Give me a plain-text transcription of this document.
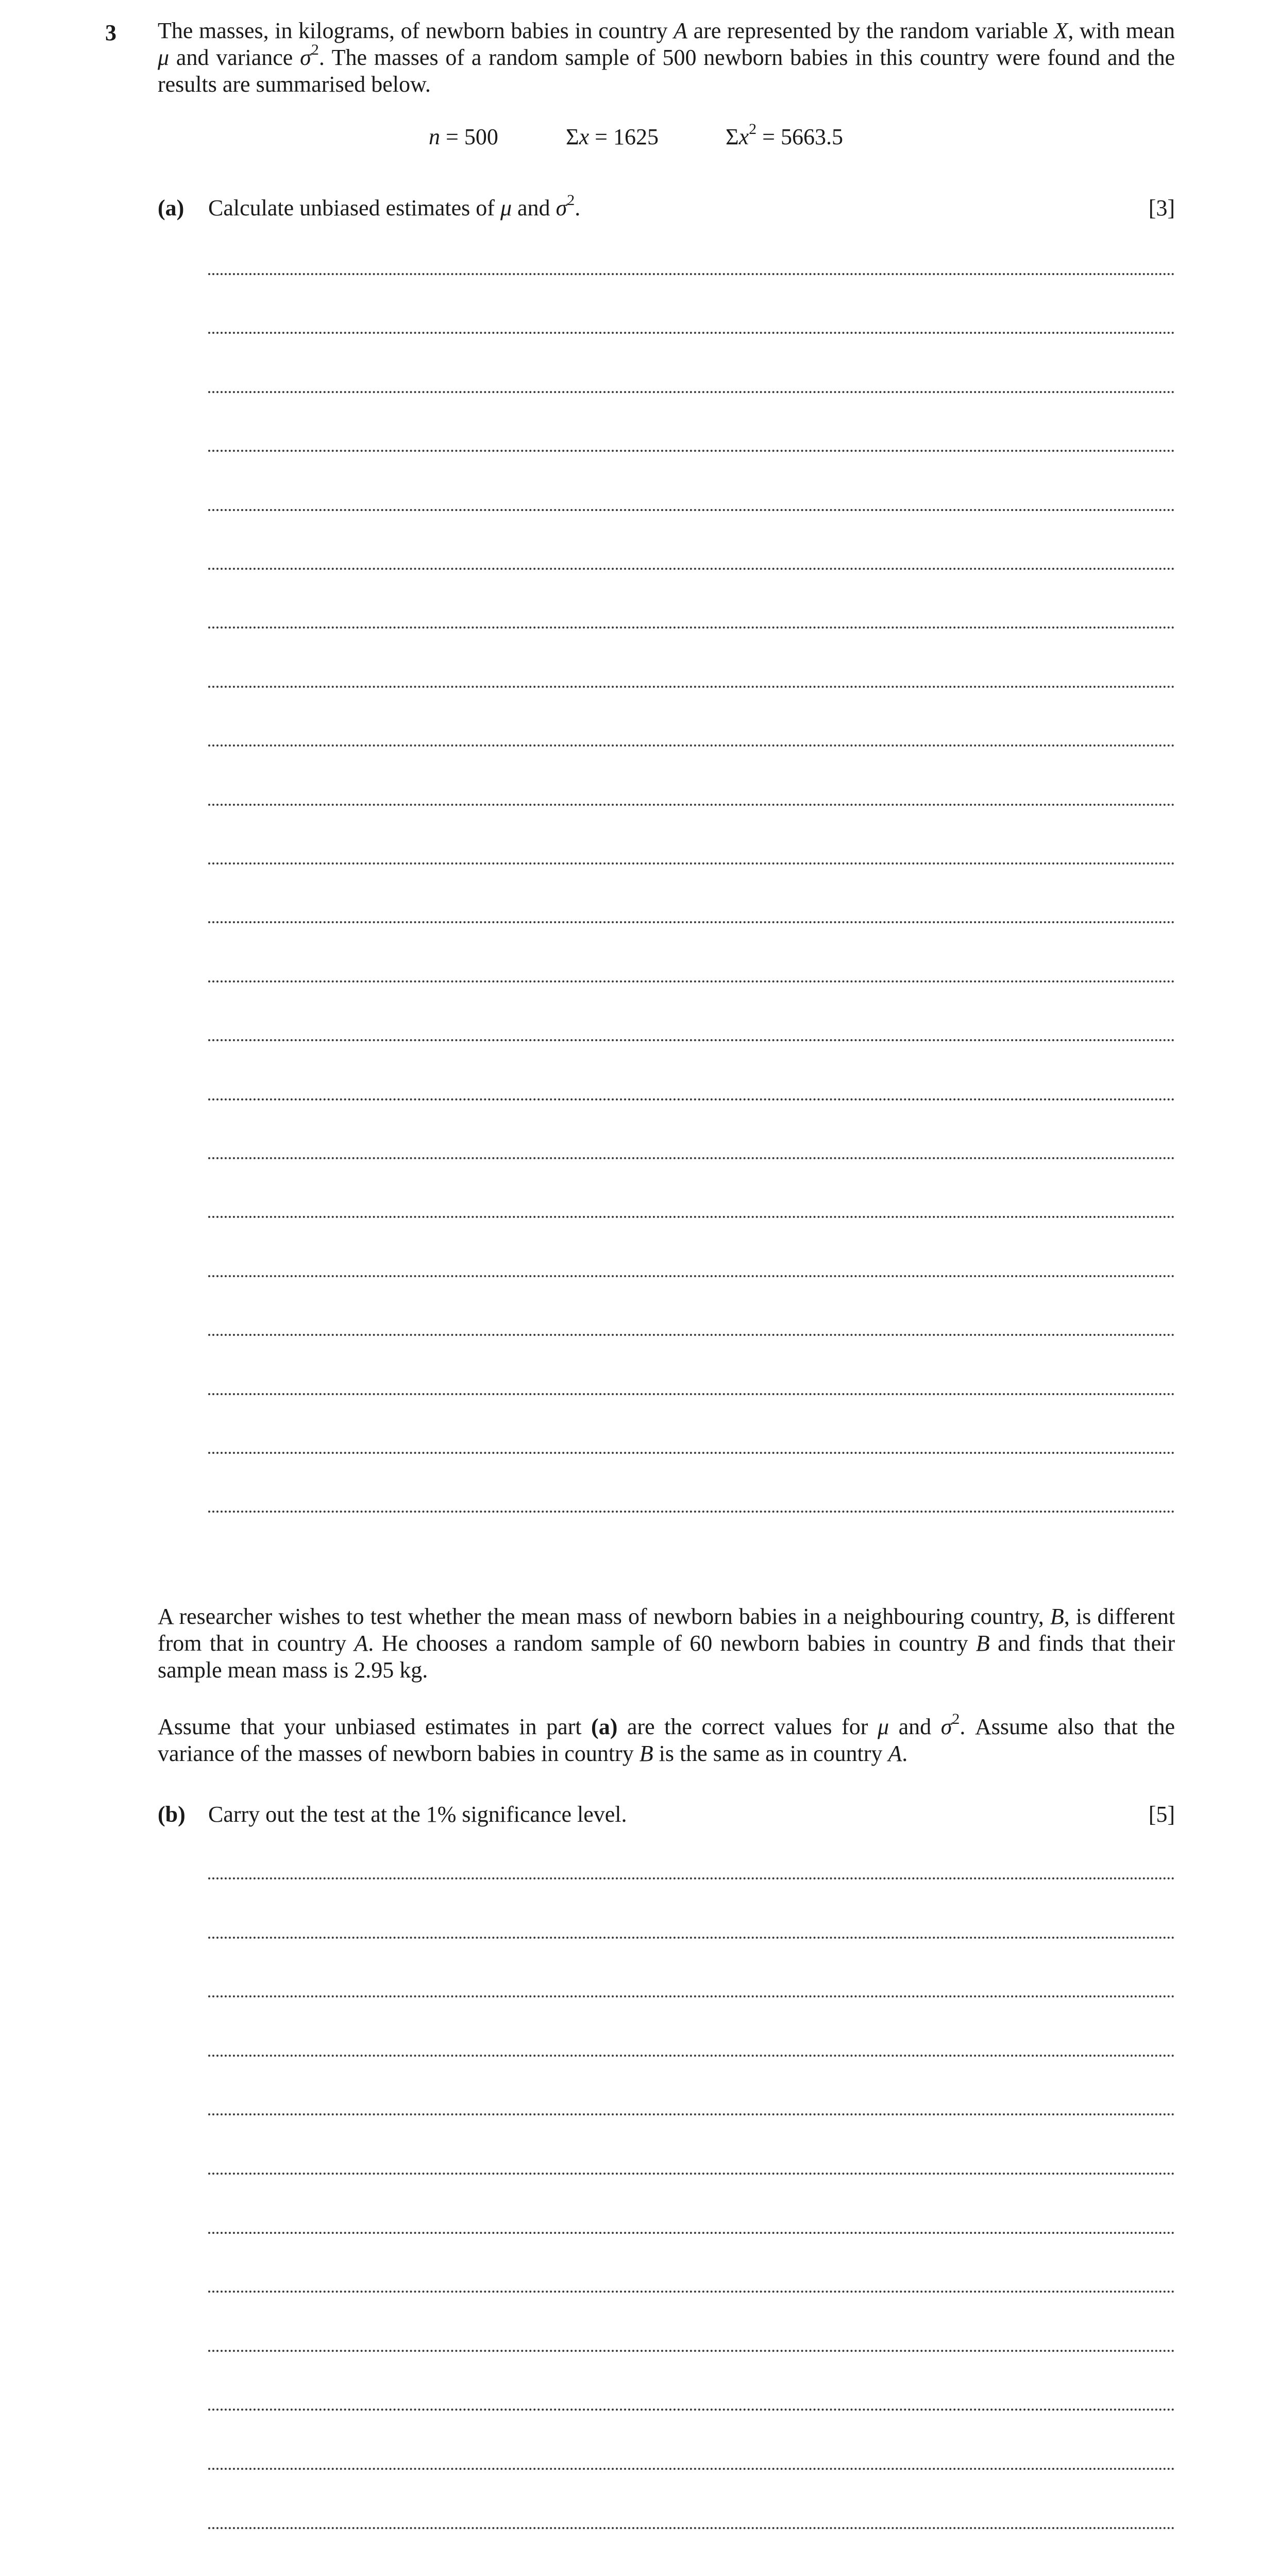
3 The masses, in kilograms, of newborn babies in country A are represented by the random variable X, with mean μ and variance $\sigma^2$. The masses of a random sample of 500 newborn babies in this country were found and the results are summarised below.

n = 500	Σx = 1625	$\Sigma x^2 = 5663.5$
(a) Calculate unbiased estimates of μ and $\sigma^2$.	[3]

A researcher wishes to test whether the mean mass of newborn babies in a neighbouring country, B, is different from that in country A. He chooses a random sample of 60 newborn babies in country B and finds that their sample mean mass is 2.95 kg.

Assume that your unbiased estimates in part (a) are the correct values for μ and $\sigma^2$. Assume also that the variance of the masses of newborn babies in country B is the same as in country A.

(b) Carry out the test at the 1% significance level.	[5]
